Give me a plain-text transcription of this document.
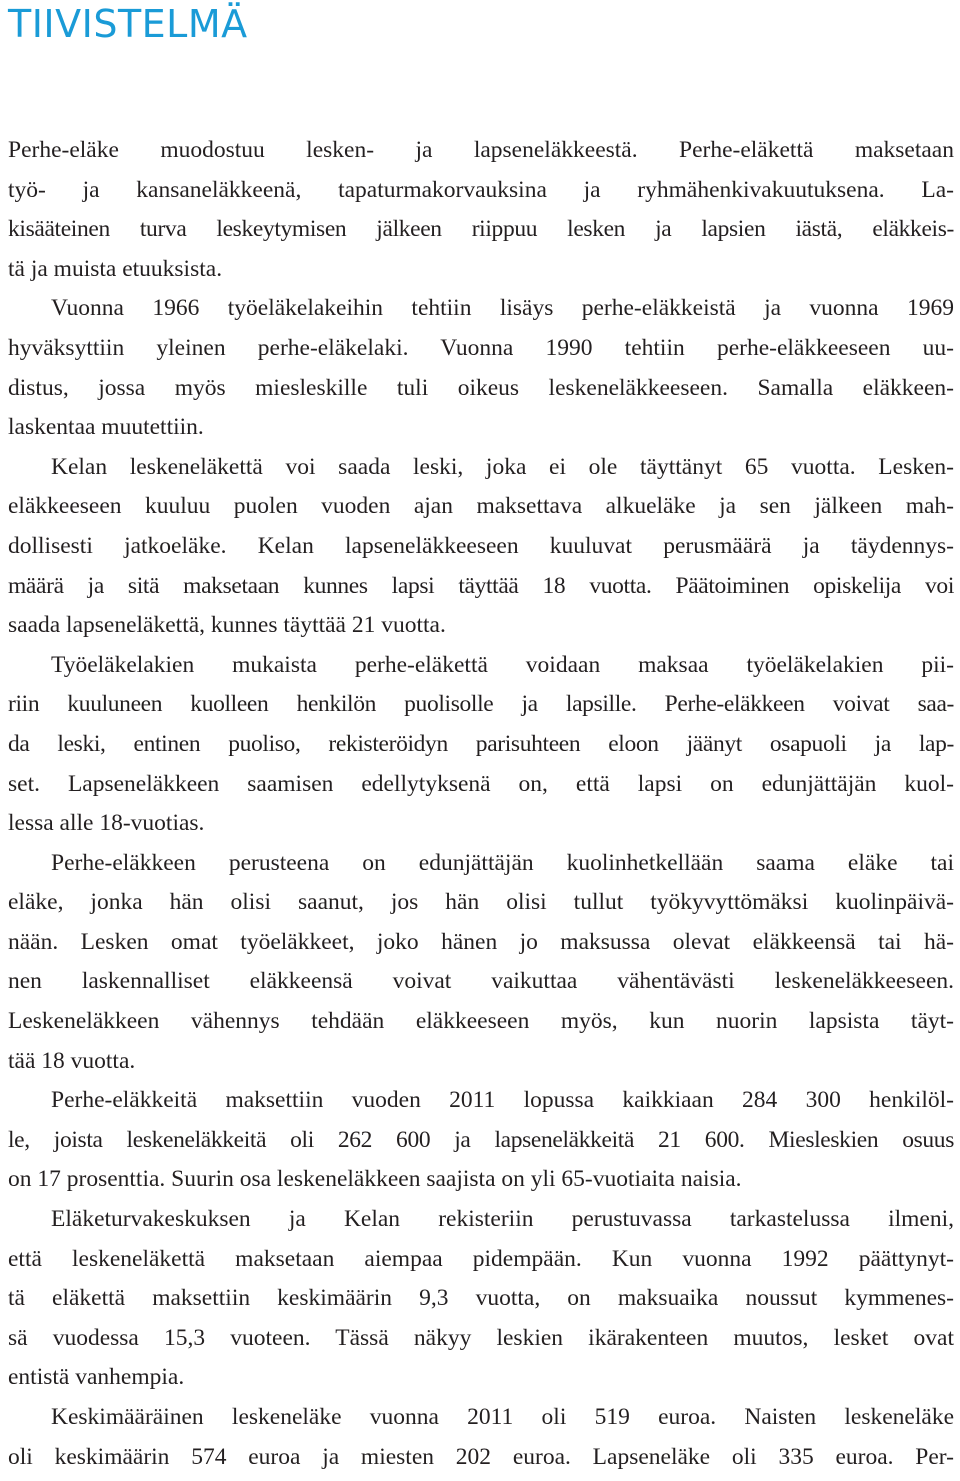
TIIVISTELMÄ
Perhe-eläke muodostuu lesken- ja lapseneläkkeestä. Perhe-eläkettä maksetaan
työ- ja kansaneläkkeenä, tapaturmakorvauksina ja ryhmähenkivakuutuksena. La-
kisääteinen turva leskeytymisen jälkeen riippuu lesken ja lapsien iästä, eläkkeis-
tä ja muista etuuksista.
Vuonna 1966 työeläkelakeihin tehtiin lisäys perhe-eläkkeistä ja vuonna 1969
hyväksyttiin yleinen perhe-eläkelaki. Vuonna 1990 tehtiin perhe-eläkkeeseen uu-
distus, jossa myös miesleskille tuli oikeus leskeneläkkeeseen. Samalla eläkkeen-
laskentaa muutettiin.
Kelan leskeneläkettä voi saada leski, joka ei ole täyttänyt 65 vuotta. Lesken-
eläkkeeseen kuuluu puolen vuoden ajan maksettava alkueläke ja sen jälkeen mah-
dollisesti jatkoeläke. Kelan lapseneläkkeeseen kuuluvat perusmäärä ja täydennys-
määrä ja sitä maksetaan kunnes lapsi täyttää 18 vuotta. Päätoiminen opiskelija voi
saada lapseneläkettä, kunnes täyttää 21 vuotta.
Työeläkelakien mukaista perhe-eläkettä voidaan maksaa työeläkelakien pii-
riin kuuluneen kuolleen henkilön puolisolle ja lapsille. Perhe-eläkkeen voivat saa-
da leski, entinen puoliso, rekisteröidyn parisuhteen eloon jäänyt osapuoli ja lap-
set. Lapseneläkkeen saamisen edellytyksenä on, että lapsi on edunjättäjän kuol-
lessa alle 18-vuotias.
Perhe-eläkkeen perusteena on edunjättäjän kuolinhetkellään saama eläke tai
eläke, jonka hän olisi saanut, jos hän olisi tullut työkyvyttömäksi kuolinpäivä-
nään. Lesken omat työeläkkeet, joko hänen jo maksussa olevat eläkkeensä tai hä-
nen laskennalliset eläkkeensä voivat vaikuttaa vähentävästi leskeneläkkeeseen.
Leskeneläkkeen vähennys tehdään eläkkeeseen myös, kun nuorin lapsista täyt-
tää 18 vuotta.
Perhe-eläkkeitä maksettiin vuoden 2011 lopussa kaikkiaan 284 300 henkilöl-
le, joista leskeneläkkeitä oli 262 600 ja lapseneläkkeitä 21 600. Miesleskien osuus
on 17 prosenttia. Suurin osa leskeneläkkeen saajista on yli 65-vuotiaita naisia.
Eläketurvakeskuksen ja Kelan rekisteriin perustuvassa tarkastelussa ilmeni,
että leskeneläkettä maksetaan aiempaa pidempään. Kun vuonna 1992 päättynyt-
tä eläkettä maksettiin keskimäärin 9,3 vuotta, on maksuaika noussut kymmenes-
sä vuodessa 15,3 vuoteen. Tässä näkyy leskien ikärakenteen muutos, lesket ovat
entistä vanhempia.
Keskimääräinen leskeneläke vuonna 2011 oli 519 euroa. Naisten leskeneläke
oli keskimäärin 574 euroa ja miesten 202 euroa. Lapseneläke oli 335 euroa. Per-
